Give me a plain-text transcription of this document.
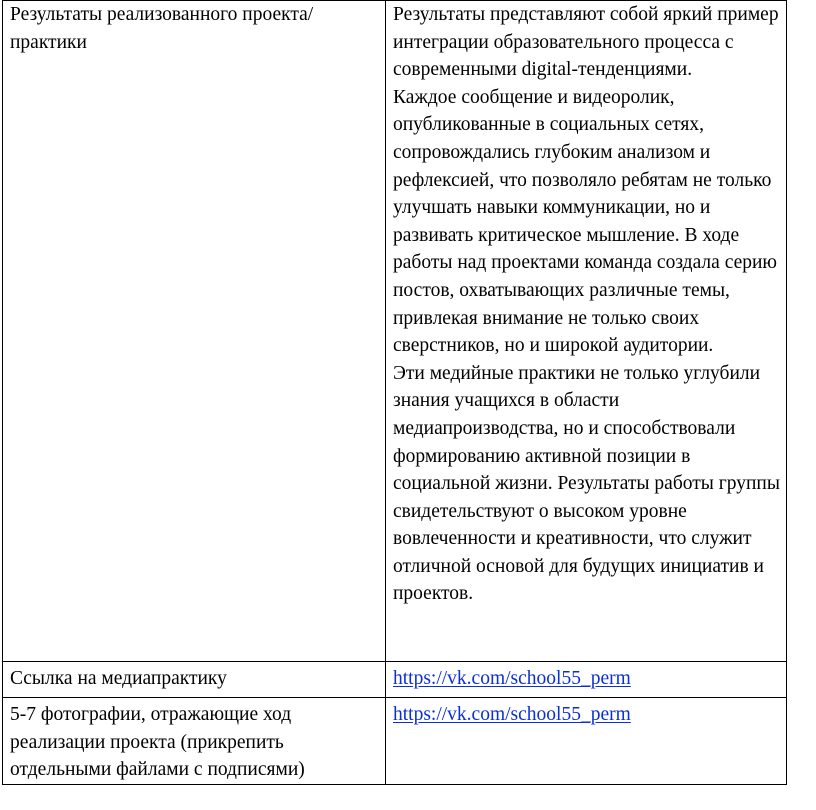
Результаты реализованного проекта/практики	Результаты представляют собой яркий пример интеграции образовательного процесса с современными digital-тенденциями.

Каждое сообщение и видеоролик, опубликованные в социальных сетях, сопровождались глубоким анализом и рефлексией, что позволяло ребятам не только улучшать навыки коммуникации, но и развивать критическое мышление. В ходе работы над проектами команда создала серию постов, охватывающих различные темы, привлекая внимание не только своих сверстников, но и широкой аудитории.

Эти медийные практики не только углубили знания учащихся в области медиапроизводства, но и способствовали формированию активной позиции в социальной жизни. Результаты работы группы свидетельствуют о высоком уровне вовлеченности и креативности, что служит отличной основой для будущих инициатив и проектов.

Ссылка на медиапрактику	https://vk.com/school55_perm
5-7 фотографии, отражающие ход реализации проекта (прикрепить отдельными файлами с подписями)	https://vk.com/school55_perm
